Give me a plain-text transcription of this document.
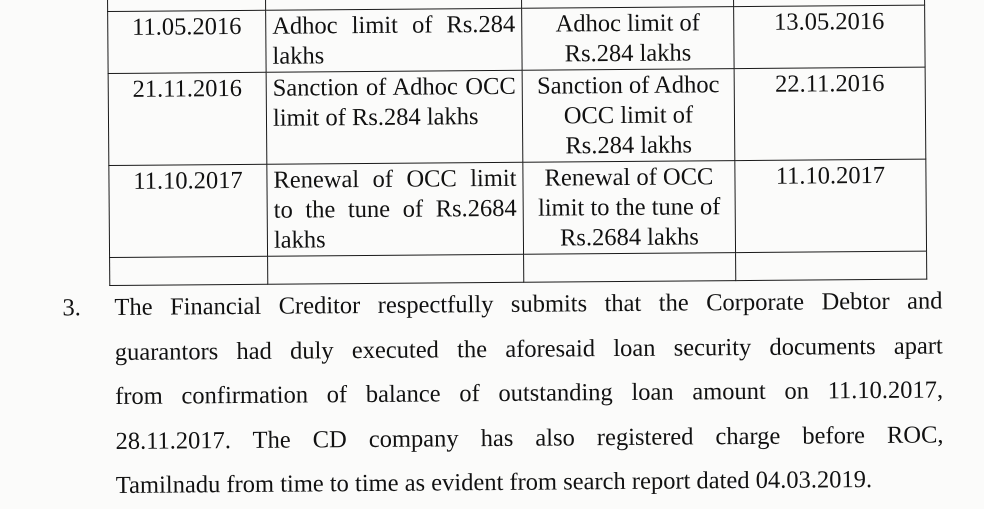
11.05.2016	Adhoc limit of Rs.284 lakhs	Adhoc limit of Rs.284 lakhs	13.05.2016
21.11.2016	Sanction of Adhoc OCC limit of Rs.284 lakhs	Sanction of Adhoc OCC limit of Rs.284 lakhs	22.11.2016
11.10.2017	Renewal of OCC limit to the tune of Rs.2684 lakhs	Renewal of OCC limit to the tune of Rs.2684 lakhs	11.10.2017

3.	The Financial Creditor respectfully submits that the Corporate Debtor and
guarantors had duly executed the aforesaid loan security documents apart
from confirmation of balance of outstanding loan amount on 11.10.2017,
28.11.2017. The CD company has also registered charge before ROC,
Tamilnadu from time to time as evident from search report dated 04.03.2019.
